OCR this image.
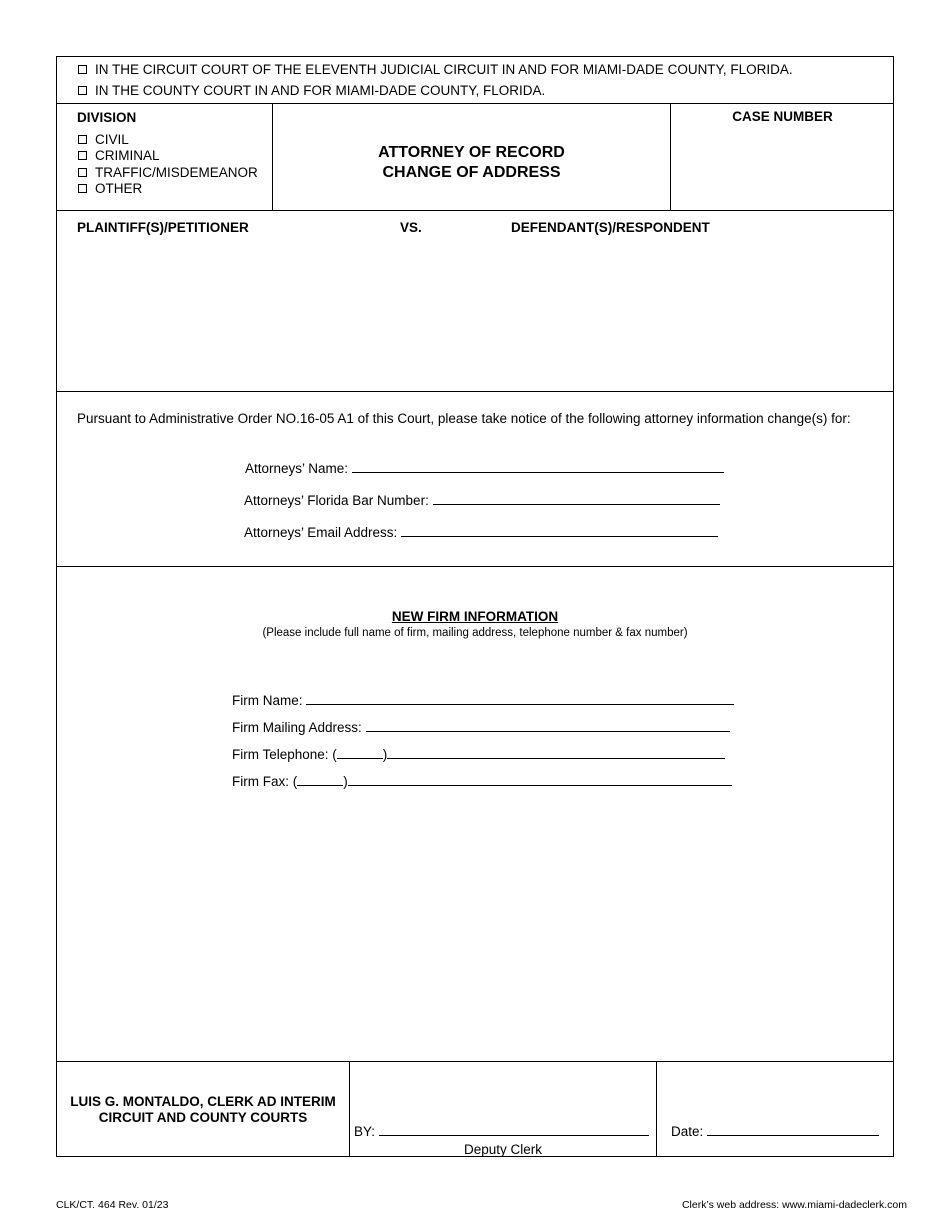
IN THE CIRCUIT COURT OF THE ELEVENTH JUDICIAL CIRCUIT IN AND FOR MIAMI-DADE COUNTY, FLORIDA.
IN THE COUNTY COURT IN AND FOR MIAMI-DADE COUNTY, FLORIDA.
DIVISION
CIVIL
CRIMINAL
TRAFFIC/MISDEMEANOR
OTHER
ATTORNEY OF RECORD
CHANGE OF ADDRESS
CASE NUMBER
PLAINTIFF(S)/PETITIONER	VS.	DEFENDANT(S)/RESPONDENT
Pursuant to Administrative Order NO.16-05 A1 of this Court, please take notice of the following attorney information change(s) for:
Attorneys’ Name:
Attorneys’ Florida Bar Number:
Attorneys’ Email Address:
NEW FIRM INFORMATION
(Please include full name of firm, mailing address, telephone number & fax number)
Firm Name:
Firm Mailing Address:
Firm Telephone: (	)
Firm Fax: (	)
LUIS G. MONTALDO, CLERK AD INTERIM
CIRCUIT AND COUNTY COURTS
BY:
Deputy Clerk
Date:
CLK/CT. 464 Rev. 01/23	Clerk’s web address: www.miami-dadeclerk.com
